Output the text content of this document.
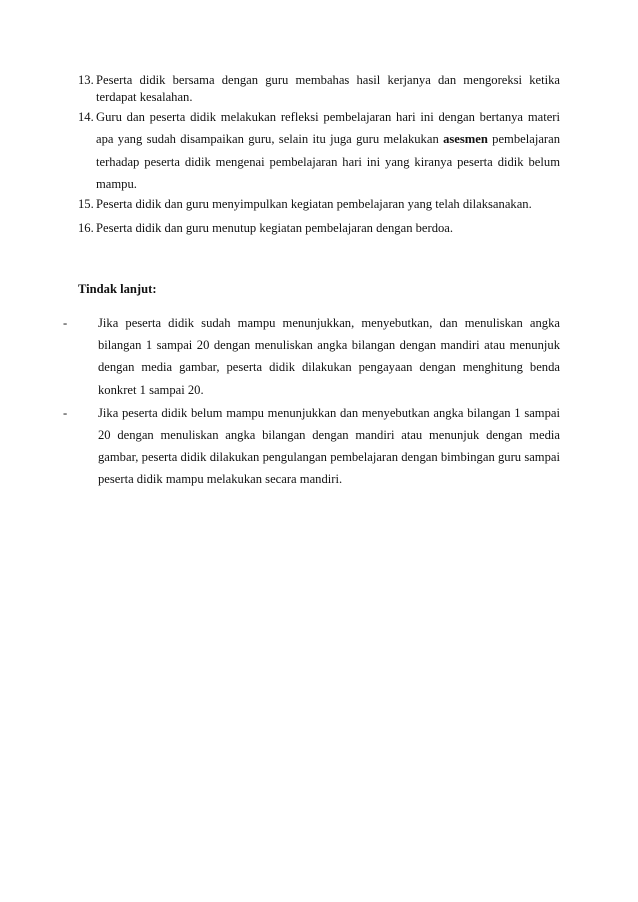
13. Peserta didik bersama dengan guru membahas hasil kerjanya dan mengoreksi ketika terdapat kesalahan.
14. Guru dan peserta didik melakukan refleksi pembelajaran hari ini dengan bertanya materi apa yang sudah disampaikan guru, selain itu juga guru melakukan asesmen pembelajaran terhadap peserta didik mengenai pembelajaran hari ini yang kiranya peserta didik belum mampu.
15. Peserta didik dan guru menyimpulkan kegiatan pembelajaran yang telah dilaksanakan.
16. Peserta didik dan guru menutup kegiatan pembelajaran dengan berdoa.
Tindak lanjut:
-	Jika peserta didik sudah mampu menunjukkan, menyebutkan, dan menuliskan angka bilangan 1 sampai 20 dengan menuliskan angka bilangan dengan mandiri atau menunjuk dengan media gambar, peserta didik dilakukan pengayaan dengan menghitung benda konkret 1 sampai 20.
-	Jika peserta didik belum mampu menunjukkan dan menyebutkan angka bilangan 1 sampai 20 dengan menuliskan angka bilangan dengan mandiri atau menunjuk dengan media gambar, peserta didik dilakukan pengulangan pembelajaran dengan bimbingan guru sampai peserta didik mampu melakukan secara mandiri.
